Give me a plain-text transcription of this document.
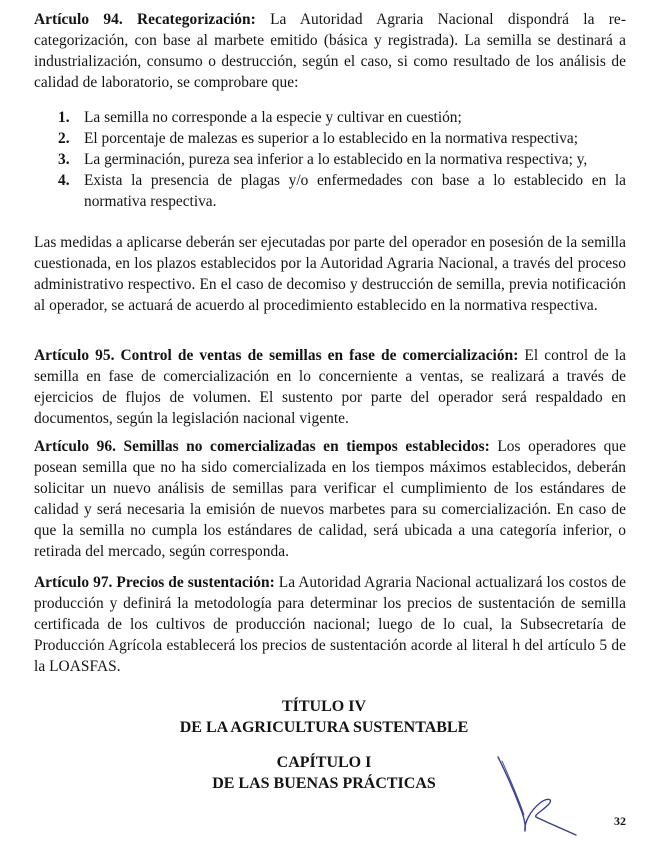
Artículo 94. Recategorización: La Autoridad Agraria Nacional dispondrá la re-categorización, con base al marbete emitido (básica y registrada). La semilla se destinará a industrialización, consumo o destrucción, según el caso, si como resultado de los análisis de calidad de laboratorio, se comprobare que:

1. La semilla no corresponde a la especie y cultivar en cuestión;
2. El porcentaje de malezas es superior a lo establecido en la normativa respectiva;
3. La germinación, pureza sea inferior a lo establecido en la normativa respectiva; y,
4. Exista la presencia de plagas y/o enfermedades con base a lo establecido en la normativa respectiva.

Las medidas a aplicarse deberán ser ejecutadas por parte del operador en posesión de la semilla cuestionada, en los plazos establecidos por la Autoridad Agraria Nacional, a través del proceso administrativo respectivo. En el caso de decomiso y destrucción de semilla, previa notificación al operador, se actuará de acuerdo al procedimiento establecido en la normativa respectiva.

Artículo 95. Control de ventas de semillas en fase de comercialización: El control de la semilla en fase de comercialización en lo concerniente a ventas, se realizará a través de ejercicios de flujos de volumen. El sustento por parte del operador será respaldado en documentos, según la legislación nacional vigente.

Artículo 96. Semillas no comercializadas en tiempos establecidos: Los operadores que posean semilla que no ha sido comercializada en los tiempos máximos establecidos, deberán solicitar un nuevo análisis de semillas para verificar el cumplimiento de los estándares de calidad y será necesaria la emisión de nuevos marbetes para su comercialización. En caso de que la semilla no cumpla los estándares de calidad, será ubicada a una categoría inferior, o retirada del mercado, según corresponda.

Artículo 97. Precios de sustentación: La Autoridad Agraria Nacional actualizará los costos de producción y definirá la metodología para determinar los precios de sustentación de semilla certificada de los cultivos de producción nacional; luego de lo cual, la Subsecretaría de Producción Agrícola establecerá los precios de sustentación acorde al literal h del artículo 5 de la LOASFAS.

TÍTULO IV
DE LA AGRICULTURA SUSTENTABLE
CAPÍTULO I
DE LAS BUENAS PRÁCTICAS
32
